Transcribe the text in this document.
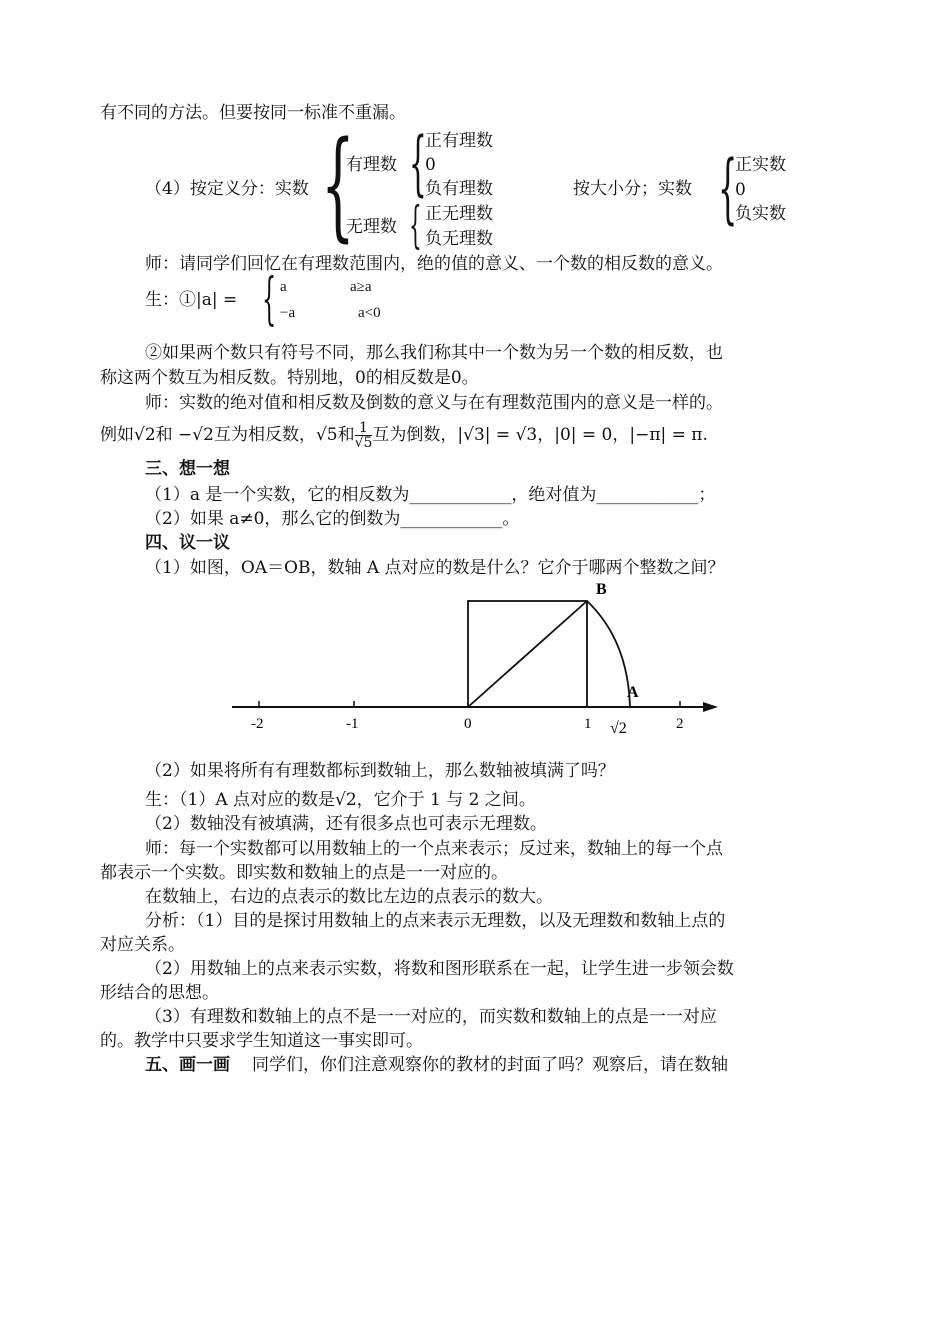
有不同的方法。但要按同一标准不重漏。
（4）按定义分：实数 {
有理数 {
正有理数
0
负有理数
无理数 { 正无理数
负无理数
按大小分；实数 {
正实数
0
负实数
师：请同学们回忆在有理数范围内，绝的值的意义、一个数的相反数的意义。
生：①|a| = { a	a≥a
−a	a<0
②如果两个数只有符号不同，那么我们称其中一个数为另一个数的相反数，也
称这两个数互为相反数。特别地，0的相反数是0。
师：实数的绝对值和相反数及倒数的意义与在有理数范围内的意义是一样的。
例如√2和 −√2互为相反数，√5和 $\frac{1}{√5}$ 互为倒数，|√3| = √3，|0| = 0，|−π| = π.
三、想一想
（1）a 是一个实数，它的相反数为____________，绝对值为____________；
（2）如果 a≠0，那么它的倒数为____________。
四、议一议
（1）如图，OA＝OB，数轴 A 点对应的数是什么？它介于哪两个整数之间？
B
A
-2	-1	0	1 √2	2
（2）如果将所有有理数都标到数轴上，那么数轴被填满了吗？
生：（1）A 点对应的数是√2，它介于 1 与 2 之间。
（2）数轴没有被填满，还有很多点也可表示无理数。
师：每一个实数都可以用数轴上的一个点来表示；反过来，数轴上的每一个点
都表示一个实数。即实数和数轴上的点是一一对应的。
在数轴上，右边的点表示的数比左边的点表示的数大。
分析：（1）目的是探讨用数轴上的点来表示无理数，以及无理数和数轴上点的
对应关系。
（2）用数轴上的点来表示实数，将数和图形联系在一起，让学生进一步领会数
形结合的思想。
（3）有理数和数轴上的点不是一一对应的，而实数和数轴上的点是一一对应
的。教学中只要求学生知道这一事实即可。
五、画一画 同学们，你们注意观察你的教材的封面了吗？观察后，请在数轴
